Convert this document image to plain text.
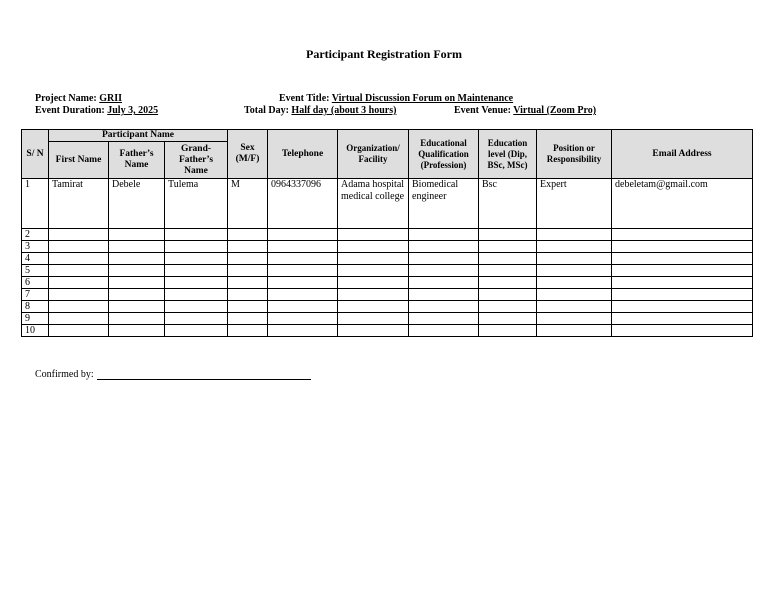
Participant Registration Form
Project Name: GRII
Event Duration: July 3, 2025
Event Title: Virtual Discussion Forum on Maintenance
Total Day: Half day (about 3 hours)	Event Venue: Virtual (Zoom Pro)
S/ N	Participant Name			Sex (M/F)	Telephone	Organization/ Facility	Educational Qualification (Profession)	Education level (Dip, BSc, MSc)	Position or Responsibility	Email Address
	First Name	Father’s Name	Grand- Father’s Name							
1	Tamirat	Debele	Tulema	M	0964337096	Adama hospital medical college	Biomedical engineer	Bsc	Expert	debeletam@gmail.com
2										
3										
4										
5										
6										
7										
8										
9										
10										
Confirmed by:
